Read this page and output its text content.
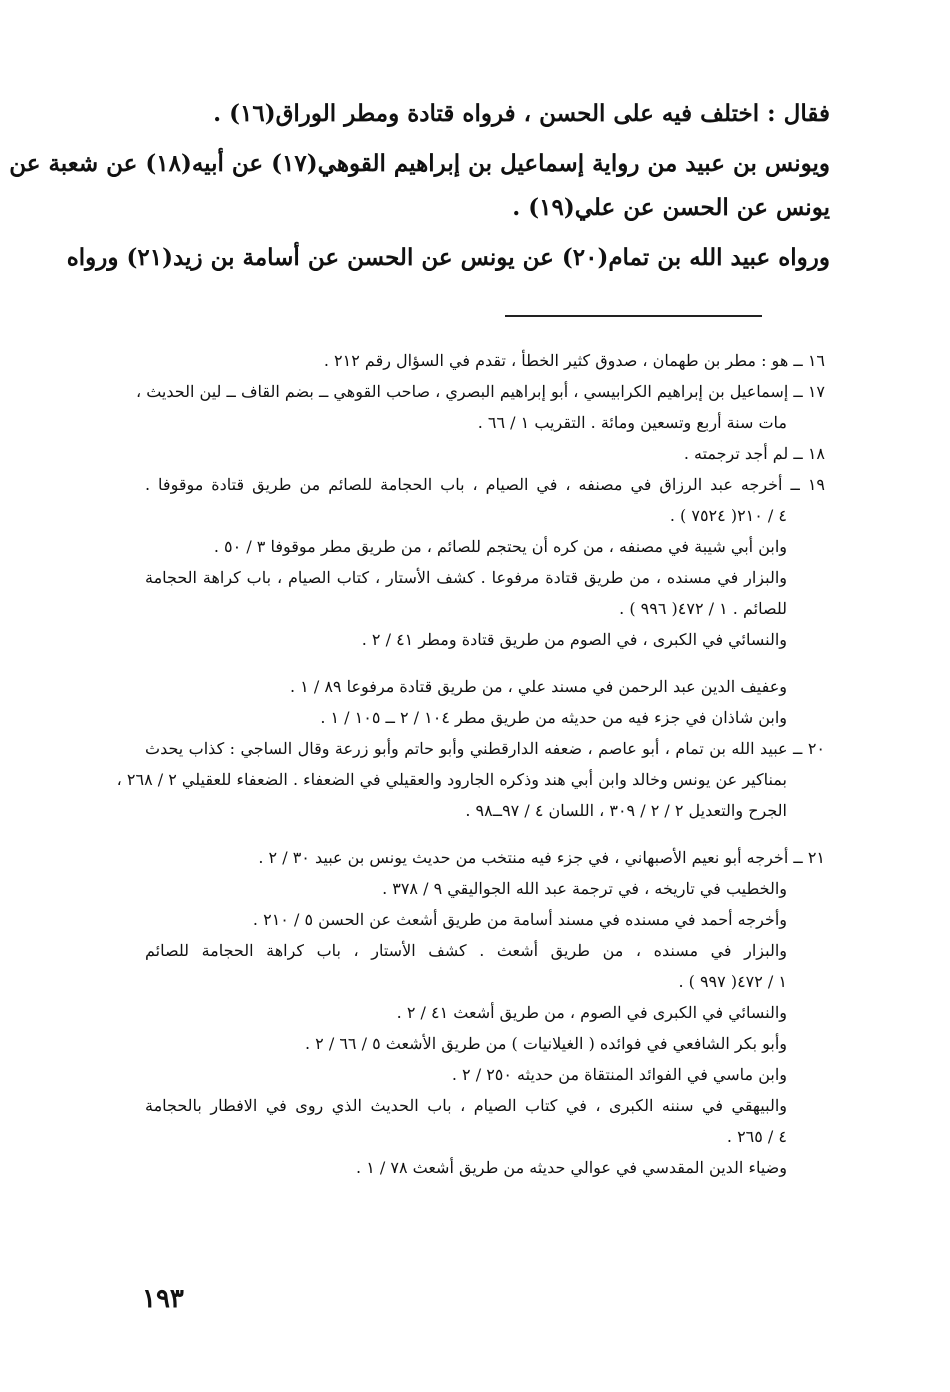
فقال : اختلف فيه على الحسن ، فرواه قتادة ومطر الوراق(١٦) .
ويونس بن عبيد من رواية إسماعيل بن إبراهيم القوهي(١٧) عن أبيه(١٨) عن شعبة عن
يونس عن الحسن عن علي(١٩) .
ورواه عبيد الله بن تمام(٢٠) عن يونس عن الحسن عن أسامة بن زيد(٢١) ورواه
١٦ ــ هو : مطر بن طهمان ، صدوق كثير الخطأ ، تقدم في السؤال رقم ٢١٢ .
١٧ ــ إسماعيل بن إبراهيم الكرابيسي ، أبو إبراهيم البصري ، صاحب القوهي ــ بضم القاف ــ لين الحديث ،
مات سنة أربع وتسعين ومائة . التقريب ١ / ٦٦ .
١٨ ــ لم أجد ترجمته .
١٩ ــ أخرجه عبد الرزاق في مصنفه ، في الصيام ، باب الحجامة للصائم من طريق قتادة موقوفا .
٤ / ٢١٠( ٧٥٢٤ ) .
وابن أبي شيبة في مصنفه ، من كره أن يحتجم للصائم ، من طريق مطر موقوفا ٣ / ٥٠ .
والبزار في مسنده ، من طريق قتادة مرفوعا . كشف الأستار ، كتاب الصيام ، باب كراهة الحجامة
للصائم . ١ / ٤٧٢( ٩٩٦ ) .
والنسائي في الكبرى ، في الصوم من طريق قتادة ومطر ٤١ / ٢ .
وعفيف الدين عبد الرحمن في مسند علي ، من طريق قتادة مرفوعا ٨٩ / ١ .
وابن شاذان في جزء فيه من حديثه من طريق مطر ١٠٤ / ٢ ــ ١٠٥ / ١ .
٢٠ ــ عبيد الله بن تمام ، أبو عاصم ، ضعفه الدارقطني وأبو حاتم وأبو زرعة وقال الساجي : كذاب يحدث
بمناكير عن يونس وخالد وابن أبي هند وذكره الجارود والعقيلي في الضعفاء . الضعفاء للعقيلي ٢ / ٢٦٨ ،
الجرح والتعديل ٢ / ٢ / ٣٠٩ ، اللسان ٤ / ٩٧ــ٩٨ .
٢١ ــ أخرجه أبو نعيم الأصبهاني ، في جزء فيه منتخب من حديث يونس بن عبيد ٣٠ / ٢ .
والخطيب في تاريخه ، في ترجمة عبد الله الجواليقي ٩ / ٣٧٨ .
وأخرجه أحمد في مسنده في مسند أسامة من طريق أشعث عن الحسن ٥ / ٢١٠ .
والبزار في مسنده ، من طريق أشعث . كشف الأستار ، باب كراهة الحجامة للصائم
١ / ٤٧٢( ٩٩٧ ) .
والنسائي في الكبرى في الصوم ، من طريق أشعث ٤١ / ٢ .
وأبو بكر الشافعي في فوائده ( الغيلانيات ) من طريق الأشعث ٥ / ٦٦ / ٢ .
وابن ماسي في الفوائد المنتقاة من حديثه ٢٥٠ / ٢ .
والبيهقي في سننه الكبرى ، في كتاب الصيام ، باب الحديث الذي روى في الافطار بالحجامة
٤ / ٢٦٥ .
وضياء الدين المقدسي في عوالي حديثه من طريق أشعث ٧٨ / ١ .
١٩٣
